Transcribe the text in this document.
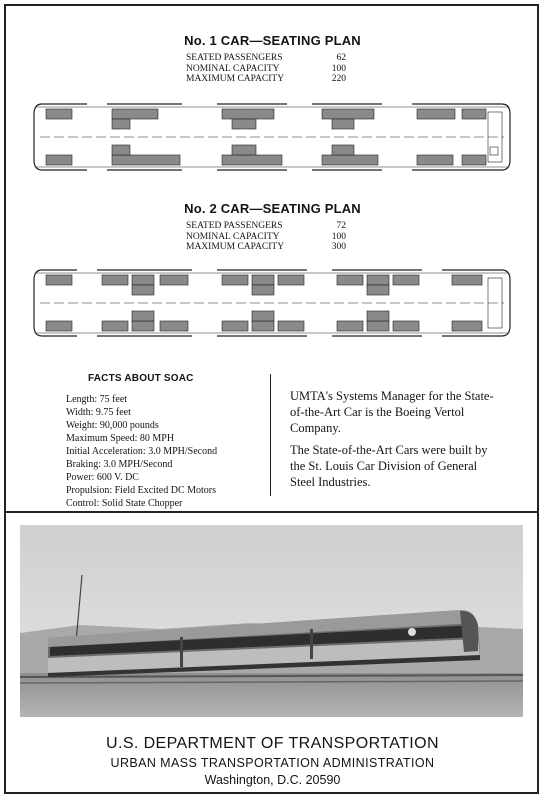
No. 1 CAR—SEATING PLAN
SEATED PASSENGERS	62
NOMINAL CAPACITY	100
MAXIMUM CAPACITY	220
No. 2 CAR—SEATING PLAN
SEATED PASSENGERS	72
NOMINAL CAPACITY	100
MAXIMUM CAPACITY	300
FACTS ABOUT SOAC
Length: 75 feet
Width: 9.75 feet
Weight: 90,000 pounds
Maximum Speed: 80 MPH
Initial Acceleration: 3.0 MPH/Second
Braking: 3.0 MPH/Second
Power: 600 V. DC
Propulsion: Field Excited DC Motors
Control: Solid State Chopper
UMTA's Systems Manager for the State-of-the-Art Car is the Boeing Vertol Company.
The State-of-the-Art Cars were built by the St. Louis Car Division of General Steel Industries.
U.S. DEPARTMENT OF TRANSPORTATION
URBAN MASS TRANSPORTATION ADMINISTRATION
Washington, D.C. 20590
